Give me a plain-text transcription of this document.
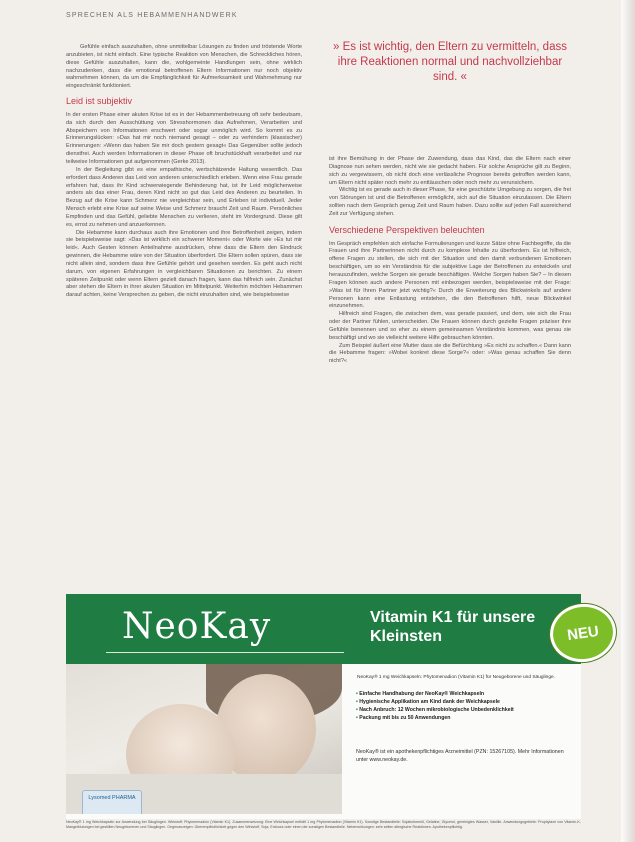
SPRECHEN ALS HEBAMMENHANDWERK

Gefühle einfach auszuhalten, ohne unmittelbar Lösungen zu finden und tröstende Worte anzubieten, ist nicht einfach. Eine typische Reaktion von Menschen, die Schreckliches hören, diese Gefühle auszuhalten, kann die, wohlgemeinte Handlungen sein, ohne wirklich nachzudenken, dass die emotional betroffenen Eltern Informationen nur noch objektiv wahrnehmen können, da um die Empfänglichkeit für Aufmerksamkeit und Wahrnehmung nur eingeschränkt funktioniert.

Leid ist subjektiv

In der ersten Phase einer akuten Krise ist es in der Hebammenbetreuung oft sehr bedeutsam, da sich durch den Ausschüttung von Stresshormonen das Aufnehmen, Verarbeiten und Abspeichern von Informationen erschwert oder sogar unmöglich wird. So kommt es zu Erinnerungslücken: »Das hat mir noch niemand gesagt – oder zu verhindern (klassischer) Erinnerungen: »Wenn das haben Sie mir doch gestern gesagt« Das Gegenüber sollte jedoch dienstfrei. Auch werden Informationen in dieser Phase oft bruchstückhaft verarbeitet und nur teilweise Informationen gut aufgenommen (Gerke 2013).

In der Begleitung gibt es eine empathische, wertschätzende Haltung wesentlich. Das erfordert dass Anderen das Leid von anderen unterschiedlich erleben. Wenn eine Frau gerade erfahren hat, dass ihr Kind schwerwiegende Behinderung hat, ist ihr Leid möglicherweise anders als das einer Frau, deren Kind nicht so gut das Leid des Anderen zu beurteilen. In Bezug auf die Krise kann Schmerz nie vergleichbar sein, und Erleben ist individuell. Jeder Mensch erlebt eine Krise auf seine Weise und Schmerz braucht Zeit und Raum. Persönliches Empfinden und das Gefühl, geliebte Menschen zu verlieren, steht im Vordergrund. Diese gilt es, ernst zu nehmen und anzuerkennen.

Die Hebamme kann durchaus auch ihre Emotionen und ihre Betroffenheit zeigen, indem sie beispielsweise sagt: »Das ist wirklich ein schwerer Moment« oder Worte wie »Es tut mir leid«. Auch Gesten können Anteilnahme ausdrücken, ohne dass die Eltern den Eindruck gewinnen, die Hebamme wäre von der Situation überfordert. Die Eltern sollen spüren, dass sie nicht allein sind, sondern dass ihre Gefühle gehört und gesehen werden. Es geht auch nicht darum, von eigenen Erfahrungen in vergleichbaren Situationen zu berichten. Zu einem späteren Zeitpunkt oder wenn Eltern gezielt danach fragen, kann das hilfreich sein. Zunächst aber stehen die Eltern in ihrer akuten Situation im Mittelpunkt. Weiterhin möchten Hebammen darauf achten, keine Versprechen zu geben, die nicht einzuhalten sind, wie beispielsweise

» Es ist wichtig, den Eltern zu vermitteln, dass ihre Reaktionen normal und nachvollziehbar sind. «

ist ihre Bemühung in der Phase der Zuwendung, dass das Kind, das die Eltern nach einer Diagnose nun sehen werden, nicht wie sie gedacht haben. Für solche Ansprüche gilt zu Beginn, sich zu vergewissern, ob nicht doch eine verlässliche Prognose bereits getroffen werden kann, um Eltern nicht später noch mehr zu enttäuschen oder noch mehr zu verunsichern.

Wichtig ist es gerade auch in dieser Phase, für eine geschützte Umgebung zu sorgen, die frei von Störungen ist und die Betroffenen ermöglicht, sich auf die Situation einzulassen. Die Eltern sollten nach dem Gespräch genug Zeit und Raum haben. Dazu sollte auf jeden Fall ausreichend Zeit zur Verfügung stehen.

Verschiedene Perspektiven beleuchten

Im Gespräch empfehlen sich einfache Formulierungen und kurze Sätze ohne Fachbegriffe, da die Frauen und ihre Partnerinnen nicht durch zu komplexe Inhalte zu überfordern. Es ist hilfreich, offene Fragen zu stellen, die sich mit der Situation und den damit verbundenen Emotionen beschäftigen, um so ein Verständnis für die subjektive Lage der Betroffenen zu entwickeln und herauszufinden, welche Sorgen sie gerade beschäftigen. Welche Sorgen haben Sie? – In diesen Fragen können auch andere Personen mit einbezogen werden, beispielsweise mit der Frage: »Was ist für Ihren Partner jetzt wichtig?« Durch die Erweiterung des Blickwinkels auf andere Personen kann eine Entlastung entstehen, die den Betroffenen hilft, neue Blickwinkel einzunehmen.

Hilfreich sind Fragen, die zwischen dem, was gerade passiert, und dem, wie sich die Frau oder der Partner fühlen, unterscheiden. Die Frauen können durch gezielte Fragen präziser ihre Gefühle benennen und so eher zu einem gemeinsamen Verständnis kommen, was genau sie beschäftigt und wo sie vielleicht weitere Hilfe gebrauchen könnten.

Zum Beispiel äußert eine Mutter dass sie die Befürchtung »Es nicht zu schaffen.« Dann kann die Hebamme fragen: »Wobei konkret diese Sorge?« oder: »Was genau schaffen Sie denn nicht?«

NeoKay	Vitamin K1 für unsere Kleinsten	NEU
Lysomed PHARMA
NeoKay® 1 mg Weichkapseln: Phytomenadion (Vitamin K1) für Neugeborene und Säuglinge.
• Einfache Handhabung der NeoKay® Weichkapseln
• Hygienische Applikation am Kind dank der Weichkapsele
• Nach Anbruch: 12 Wochen mikrobiologische Unbedenklichkeit
• Packung mit bis zu 50 Anwendungen
NeoKay® ist ein apothekenpflichtiges Arzneimittel (PZN: 15267105). Mehr Informationen unter www.neokay.de.
NeoKay® 1 mg Weichkapseln zur Anwendung bei Säuglingen. Wirkstoff: Phytomenadion (Vitamin K1). Zusammensetzung: Eine Weichkapsel enthält 1 mg Phytomenadion (Vitamin K1). Sonstige Bestandteile: Sojabohnenöl, Gelatine, Glycerol, gereinigtes Wasser, Vanillin. Anwendungsgebiete: Prophylaxe von Vitamin-K-Mangelblutungen bei gestillten Neugeborenen und Säuglingen. Gegenanzeigen: Überempfindlichkeit gegen den Wirkstoff, Soja, Erdnuss oder einen der sonstigen Bestandteile. Nebenwirkungen: sehr selten allergische Reaktionen. Apothekenpflichtig.
